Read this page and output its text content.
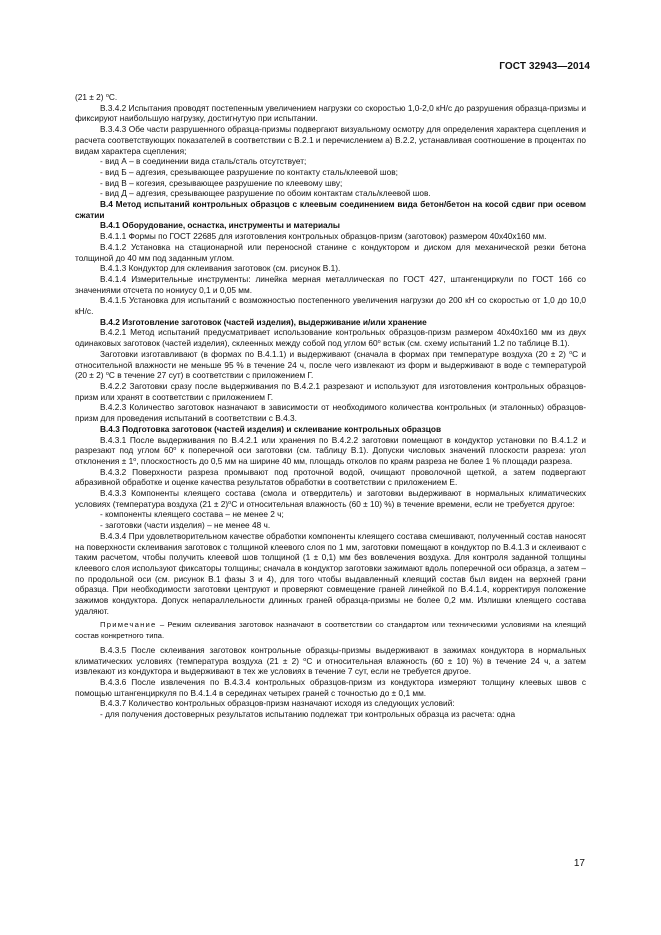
ГОСТ 32943—2014

(21 ± 2) $^o$С.

В.3.4.2 Испытания проводят постепенным увеличением нагрузки со скоростью 1,0-2,0 кН/с до разрушения образца-призмы и фиксируют наибольшую нагрузку, достигнутую при испытании.

В.3.4.3 Обе части разрушенного образца-призмы подвергают визуальному осмотру для определения характера сцепления и расчета соответствующих показателей в соответствии с В.2.1 и перечислением а) В.2.2, устанавливая соотношение в процентах по видам характера сцепления;

- вид А – в соединении вида сталь/сталь отсутствует;

- вид Б – адгезия, срезывающее разрушение по контакту сталь/клеевой шов;

- вид В – когезия, срезывающее разрушение по клеевому шву;

- вид Д – адгезия, срезывающее разрушение по обоим контактам сталь/клеевой шов.

В.4 Метод испытаний контрольных образцов с клеевым соединением вида бетон/бетон на косой сдвиг при осевом сжатии

В.4.1 Оборудование, оснастка, инструменты и материалы

В.4.1.1 Формы по ГОСТ 22685 для изготовления контрольных образцов-призм (заготовок) размером 40х40х160 мм.

В.4.1.2 Установка на стационарной или переносной станине с кондуктором и диском для механической резки бетона толщиной до 40 мм под заданным углом.

В.4.1.3 Кондуктор для склеивания заготовок (см. рисунок В.1).

В.4.1.4 Измерительные инструменты: линейка мерная металлическая по ГОСТ 427, штангенциркули по ГОСТ 166 со значениями отсчета по нониусу 0,1 и 0,05 мм.

В.4.1.5 Установка для испытаний с возможностью постепенного увеличения нагрузки до 200 кН со скоростью от 1,0 до 10,0 кН/с.

В.4.2 Изготовление заготовок (частей изделия), выдерживание и/или хранение

В.4.2.1 Метод испытаний предусматривает использование контрольных образцов-призм размером 40х40х160 мм из двух одинаковых заготовок (частей изделия), склеенных между собой под углом 60$^o$ встык (см. схему испытаний 1.2 по таблице В.1).

Заготовки изготавливают (в формах по В.4.1.1) и выдерживают (сначала в формах при температуре воздуха (20 ± 2) $^o$С и относительной влажности не меньше 95 % в течение 24 ч, после чего извлекают из форм и выдерживают в воде с температурой (20 ± 2) $^o$С в течение 27 сут) в соответствии с приложением Г.

В.4.2.2 Заготовки сразу после выдерживания по В.4.2.1 разрезают и используют для изготовления контрольных образцов-призм или хранят в соответствии с приложением Г.

В.4.2.3 Количество заготовок назначают в зависимости от необходимого количества контрольных (и эталонных) образцов-призм для проведения испытаний в соответствии с В.4.3.

В.4.3 Подготовка заготовок (частей изделия) и склеивание контрольных образцов

В.4.3.1 После выдерживания по В.4.2.1 или хранения по В.4.2.2 заготовки помещают в кондуктор установки по В.4.1.2 и разрезают под углом 60$^o$ к поперечной оси заготовки (см. таблицу В.1). Допуски числовых значений плоскости разреза: угол отклонения ± $1^o$, плоскостность до 0,5 мм на ширине 40 мм, площадь отколов по краям разреза не более 1 % площади разреза.

В.4.3.2 Поверхности разреза промывают под проточной водой, очищают проволочной щеткой, а затем подвергают абразивной обработке и оценке качества результатов обработки в соответствии с приложением Е.

В.4.3.3 Компоненты клеящего состава (смола и отвердитель) и заготовки выдерживают в нормальных климатических условиях (температура воздуха $(21 \pm 2)^oС$ и относительная влажность (60 ± 10) %) в течение времени, если не требуется другое:

- компоненты клеящего состава – не менее 2 ч;

- заготовки (части изделия) – не менее 48 ч.

В.4.3.4 При удовлетворительном качестве обработки компоненты клеящего состава смешивают, полученный состав наносят на поверхности склеивания заготовок с толщиной клеевого слоя по 1 мм, заготовки помещают в кондуктор по В.4.1.3 и склеивают с таким расчетом, чтобы получить клеевой шов толщиной (1 ± 0,1) мм без вовлечения воздуха. Для контроля заданной толщины клеевого слоя используют фиксаторы толщины; сначала в кондуктор заготовки зажимают вдоль поперечной оси образца, а затем – по продольной оси (см. рисунок В.1 фазы 3 и 4), для того чтобы выдавленный клеящий состав был виден на верхней грани образца. При необходимости заготовки центруют и проверяют совмещение граней линейкой по В.4.1.4, корректируя положение зажимов кондуктора. Допуск непараллельности длинных граней образца-призмы не более 0,2 мм. Излишки клеящего состава удаляют.

Примечание – Режим склеивания заготовок назначают в соответствии со стандартом или техническими условиями на клеящий состав конкретного типа.

В.4.3.5 После склеивания заготовок контрольные образцы-призмы выдерживают в зажимах кондуктора в нормальных климатических условиях (температура воздуха (21 ± 2) $^o$С и относительная влажность (60 ± 10) %) в течение 24 ч, а затем извлекают из кондуктора и выдерживают в тех же условиях в течение 7 сут, если не требуется другое.

В.4.3.6 После извлечения по В.4.3.4 контрольных образцов-призм из кондуктора измеряют толщину клеевых швов с помощью штангенциркуля по В.4.1.4 в серединах четырех граней с точностью до ± 0,1 мм.

В.4.3.7 Количество контрольных образцов-призм назначают исходя из следующих условий:

- для получения достоверных результатов испытанию подлежат три контрольных образца из расчета: одна

17
